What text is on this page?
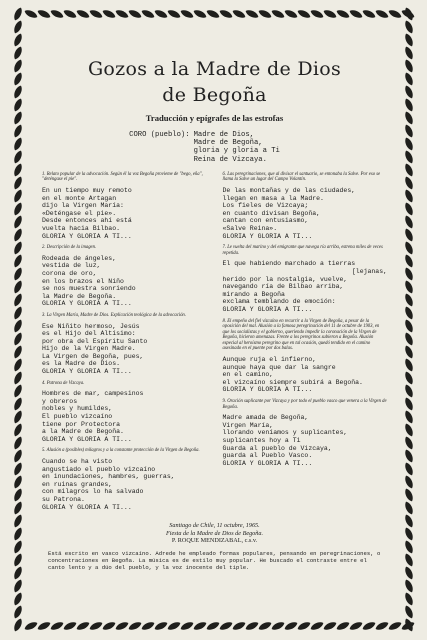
Gozos a la Madre de Dios
de Begoña
Traducción y epígrafes de las estrofas
CORO (pueblo): Madre de Dios,
Madre de Begoña,
gloria y gloria a Ti
Reina de Vizcaya.

1. Relato popular de la advocación. Según él la voz Begoña provieme de "bego, eña", "deténgase el pie".

En un tiempo muy remoto
en el monte Artagan
dijo la Virgen María:
«Deténgase el pie».
Desde entonces ahí está
vuelta hacia Bilbao.
GLORIA Y GLORIA A TI...

2. Descripción de la imagen.

Rodeada de ángeles,
vestida de luz,
corona de oro,
en los brazos el Niño
se nos muestra sonriendo
la Madre de Begoña.
GLORIA Y GLORIA A TI...

3. La Virgen María, Madre de Dios. Explicación teológica de la advocación.

Ese Niñito hermoso, Jesús
es el Hijo del Altísimo:
por obra del Espíritu Santo
Hijo de la Virgen Madre.
La Virgen de Begoña, pues,
es la Madre de Dios.
GLORIA Y GLORIA A TI...

4. Patrona de Vizcaya.

Hombres de mar, campesinos
y obreros
nobles y humildes,
El pueblo vizcaíno
tiene por Protectora
a la Madre de Begoña.
GLORIA Y GLORIA A TI...

5. Alusión a (posibles) milagros y a la constante protección de la Virgen de Begoña.

Cuando se ha visto
angustiado el pueblo vizcaíno
en inundaciones, hambres, guerras,
en ruinas grandes,
con milagros lo ha salvado
su Patrona.
GLORIA Y GLORIA A TI...

6. Las peregrinaciones, que al divisar el santuario, se entonaba la Salve. Por eso se llama la Salve un lugar del Campo Volantín.

De las montañas y de las ciudades,
llegan en masa a la Madre.
Los fieles de Vizcaya;
en cuanto divisan Begoña,
cantan con entusiasmo,
«Salve Reina».
GLORIA Y GLORIA A TI...

7. Le vuelta del marino y del emigrante que navega ría arriba, estrena miles de veces repetida.

El que habiendo marchado a tierras
[lejanas,
herido por la nostalgia, vuelve,
navegando ría de Bilbao arriba,
mirando a Begoña
exclama temblando de emoción:
GLORIA Y GLORIA A TI...

8. El empeño del fiel vizcaíno en recurrir a la Virgen de Begoña, a pesar de la oposición del mal. Alusión a la famosa peregrinación del 11 de octubre de 1903, en que los socialistas y el gobierno, queriendo impedir la coronación de la Virgen de Begoña, hicieron amenazas. Frente a los peregrinos subieron a Begoña. Alusión especial al heroísmo peregrino que en tal ocasión, quedó tendido en el camino asesinado en el puente por dos balas.

Aunque ruja el infierno,
aunque haya que dar la sangre
en el camino,
el vizcaíno siempre subirá a Begoña.
GLORIA Y GLORIA A TI...

9. Oración suplicante por Vizcaya y por todo el pueblo vasco que venera a la Virgen de Begoña.

Madre amada de Begoña,
Virgen María,
llorando veníamos y suplicantes,
suplicantes hoy a Ti
Guarda al pueblo de Vizcaya,
guarda al Pueblo Vasco.
GLORIA Y GLORIA A TI...
Santiago de Chile, 11 octubre, 1965.
Fiesta de la Madre de Dios de Begoña.
P. ROQUE MENDIZABAL, c.s.v.
Está escrito en vasco vizcaíno. Adrede he empleado formas populares, pensando en peregrinaciones, o concentraciones en Begoña. La música es de estilo muy popular. He buscado el contraste entre el canto lento y a dúo del pueblo, y la voz inocente del tiple.
